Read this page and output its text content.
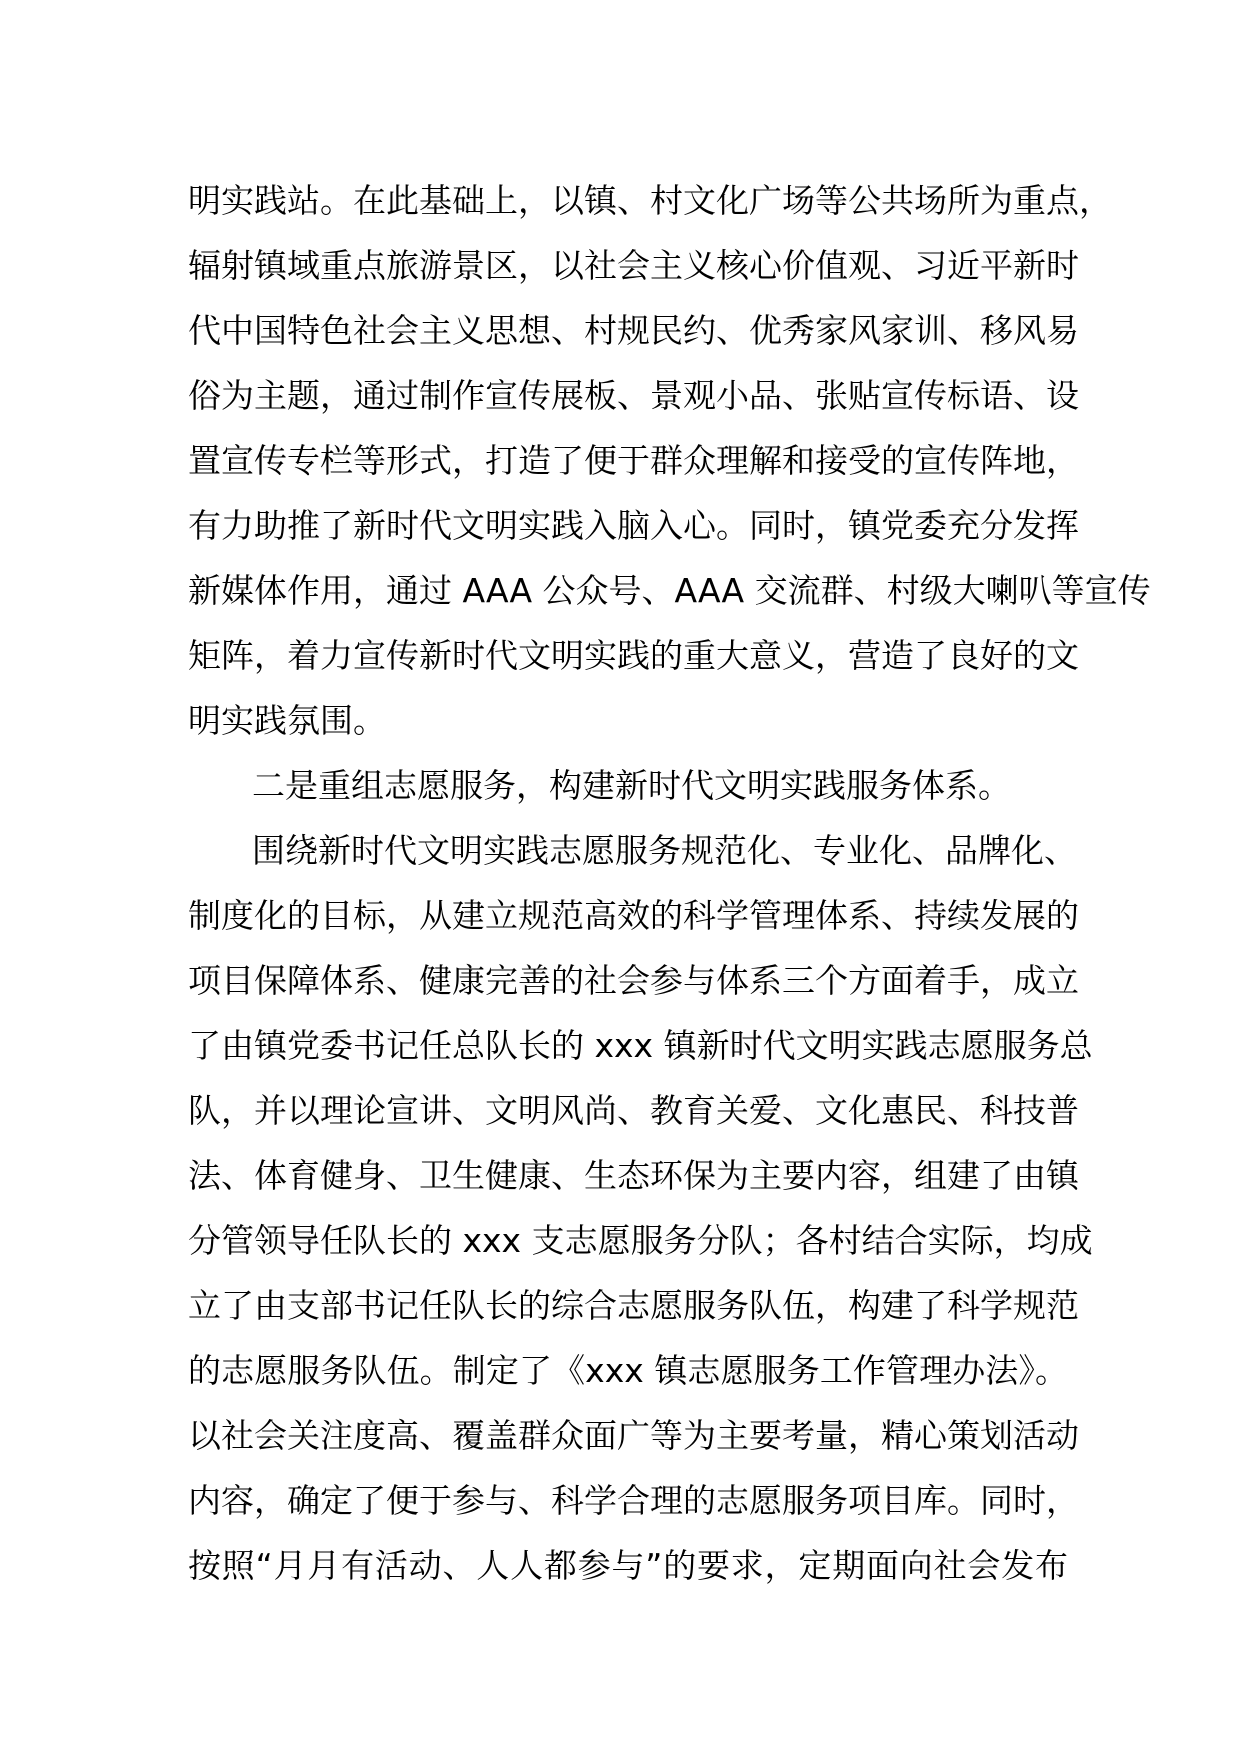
明实践站。在此基础上，以镇、村文化广场等公共场所为重点，
辐射镇域重点旅游景区，以社会主义核心价值观、习近平新时
代中国特色社会主义思想、村规民约、优秀家风家训、移风易
俗为主题，通过制作宣传展板、景观小品、张贴宣传标语、设
置宣传专栏等形式，打造了便于群众理解和接受的宣传阵地，
有力助推了新时代文明实践入脑入心。同时，镇党委充分发挥
新媒体作用，通过 AAA 公众号、AAA 交流群、村级大喇叭等宣传
矩阵，着力宣传新时代文明实践的重大意义，营造了良好的文
明实践氛围。
二是重组志愿服务，构建新时代文明实践服务体系。
围绕新时代文明实践志愿服务规范化、专业化、品牌化、
制度化的目标，从建立规范高效的科学管理体系、持续发展的
项目保障体系、健康完善的社会参与体系三个方面着手，成立
了由镇党委书记任总队长的 xxx 镇新时代文明实践志愿服务总
队，并以理论宣讲、文明风尚、教育关爱、文化惠民、科技普
法、体育健身、卫生健康、生态环保为主要内容，组建了由镇
分管领导任队长的 xxx 支志愿服务分队；各村结合实际，均成
立了由支部书记任队长的综合志愿服务队伍，构建了科学规范
的志愿服务队伍。制定了《xxx 镇志愿服务工作管理办法》。
以社会关注度高、覆盖群众面广等为主要考量，精心策划活动
内容，确定了便于参与、科学合理的志愿服务项目库。同时，
按照“月月有活动、人人都参与”的要求，定期面向社会发布
